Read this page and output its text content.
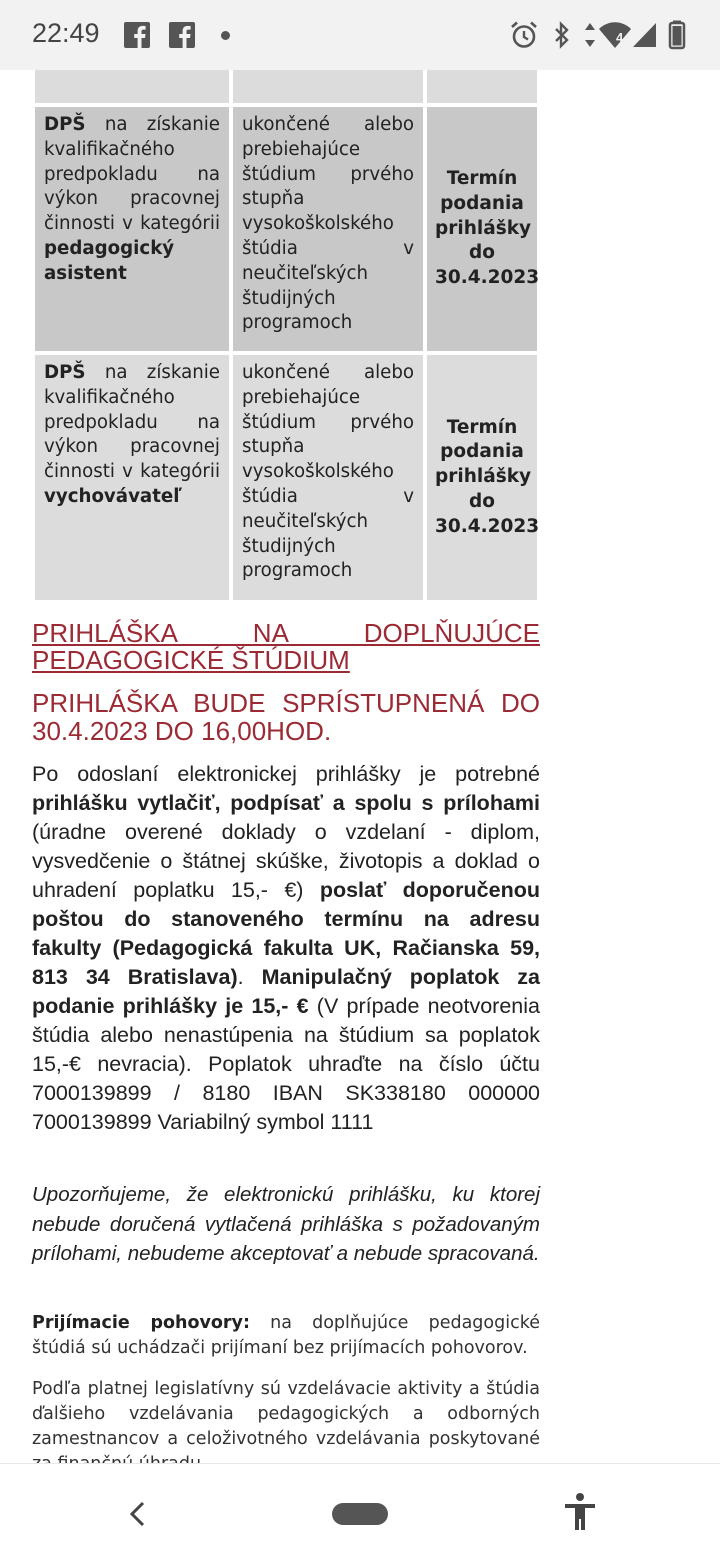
22:49	4
DPŠ na získanie kvalifikačného predpokladu na výkon pracovnej činnosti v kategórii pedagogický asistent
ukončené alebo prebiehajúce štúdium prvého stupňa vysokoškolského štúdia v neučiteľských študijných programoch
Termín podania prihlášky do 30.4.2023
DPŠ na získanie kvalifikačného predpokladu na výkon pracovnej činnosti v kategórii vychovávateľ
ukončené alebo prebiehajúce štúdium prvého stupňa vysokoškolského štúdia v neučiteľských študijných programoch
Termín podania prihlášky do 30.4.2023
PRIHLÁŠKA NA DOPLŇUJÚCE PEDAGOGICKÉ ŠTÚDIUM
PRIHLÁŠKA BUDE SPRÍSTUPNENÁ DO 30.4.2023 DO 16,00HOD.
Po odoslaní elektronickej prihlášky je potrebné prihlášku vytlačiť, podpísať a spolu s prílohami (úradne overené doklady o vzdelaní - diplom, vysvedčenie o štátnej skúške, životopis a doklad o uhradení poplatku 15,- €) poslať doporučenou poštou do stanoveného termínu na adresu fakulty (Pedagogická fakulta UK, Račianska 59, 813 34 Bratislava). Manipulačný poplatok za podanie prihlášky je 15,- € (V prípade neotvorenia štúdia alebo nenastúpenia na štúdium sa poplatok 15,-€ nevracia). Poplatok uhraďte na číslo účtu 7000139899 / 8180 IBAN SK338180 000000 7000139899 Variabilný symbol 1111
Upozorňujeme, že elektronickú prihlášku, ku ktorej nebude doručená vytlačená prihláška s požadovaným prílohami, nebudeme akceptovať a nebude spracovaná.
Prijímacie pohovory: na doplňujúce pedagogické štúdiá sú uchádzači prijímaní bez prijímacích pohovorov.
Podľa platnej legislatívny sú vzdelávacie aktivity a štúdia ďalšieho vzdelávania pedagogických a odborných zamestnancov a celoživotného vzdelávania poskytované
